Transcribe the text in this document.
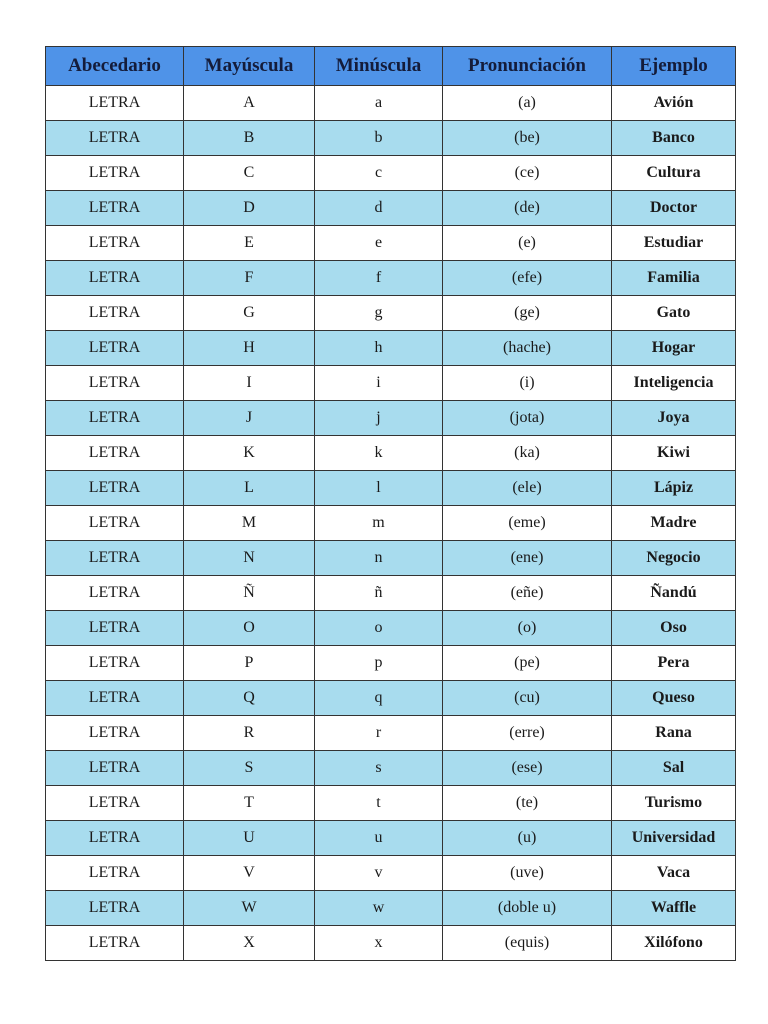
Abecedario	Mayúscula	Minúscula	Pronunciación	Ejemplo
LETRA	A	a	(a)	Avión
LETRA	B	b	(be)	Banco
LETRA	C	c	(ce)	Cultura
LETRA	D	d	(de)	Doctor
LETRA	E	e	(e)	Estudiar
LETRA	F	f	(efe)	Familia
LETRA	G	g	(ge)	Gato
LETRA	H	h	(hache)	Hogar
LETRA	I	i	(i)	Inteligencia
LETRA	J	j	(jota)	Joya
LETRA	K	k	(ka)	Kiwi
LETRA	L	l	(ele)	Lápiz
LETRA	M	m	(eme)	Madre
LETRA	N	n	(ene)	Negocio
LETRA	Ñ	ñ	(eñe)	Ñandú
LETRA	O	o	(o)	Oso
LETRA	P	p	(pe)	Pera
LETRA	Q	q	(cu)	Queso
LETRA	R	r	(erre)	Rana
LETRA	S	s	(ese)	Sal
LETRA	T	t	(te)	Turismo
LETRA	U	u	(u)	Universidad
LETRA	V	v	(uve)	Vaca
LETRA	W	w	(doble u)	Waffle
LETRA	X	x	(equis)	Xilófono
